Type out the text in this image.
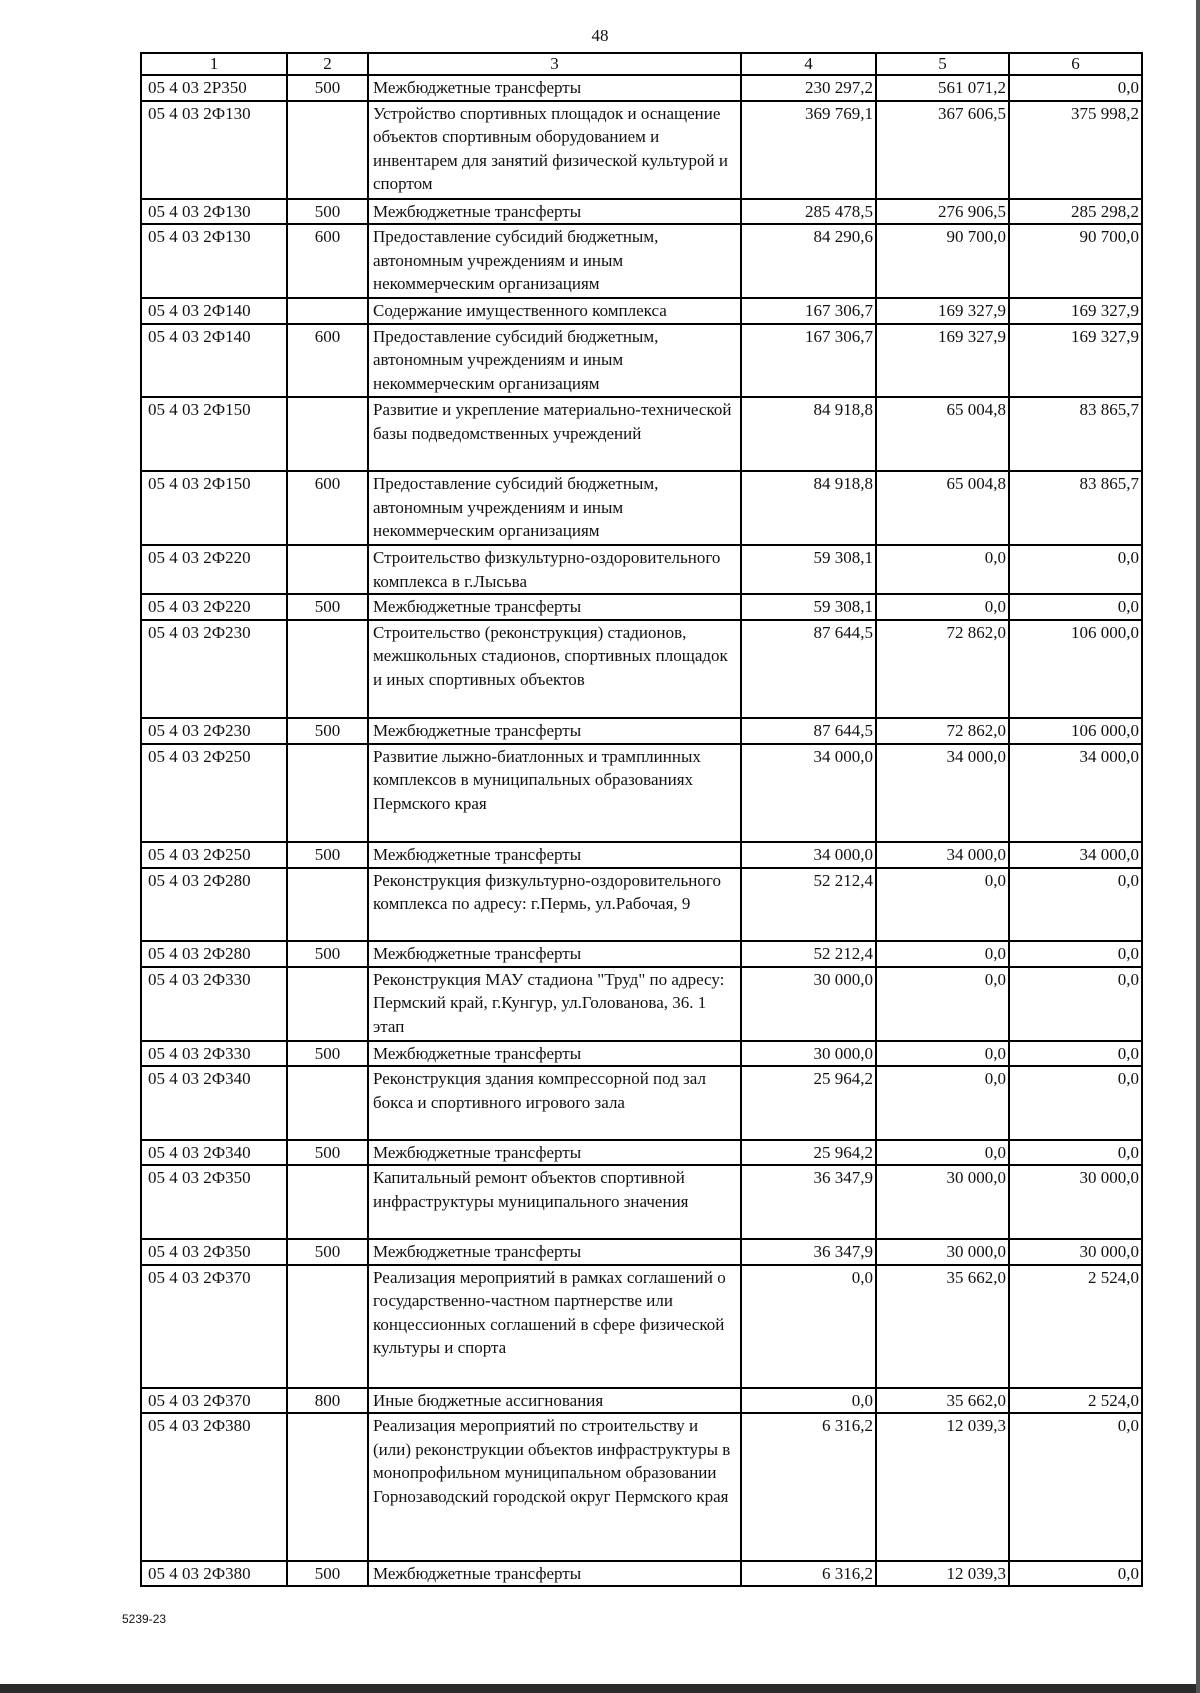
48
1	2	3	4	5	6
05 4 03 2Р350	500	Межбюджетные трансферты	230 297,2	561 071,2	0,0
05 4 03 2Ф130		Устройство спортивных площадок и оснащение объектов спортивным оборудованием и инвентарем для занятий физической культурой и спортом	369 769,1	367 606,5	375 998,2
05 4 03 2Ф130	500	Межбюджетные трансферты	285 478,5	276 906,5	285 298,2
05 4 03 2Ф130	600	Предоставление субсидий бюджетным, автономным учреждениям и иным некоммерческим организациям	84 290,6	90 700,0	90 700,0
05 4 03 2Ф140		Содержание имущественного комплекса	167 306,7	169 327,9	169 327,9
05 4 03 2Ф140	600	Предоставление субсидий бюджетным, автономным учреждениям и иным некоммерческим организациям	167 306,7	169 327,9	169 327,9
05 4 03 2Ф150		Развитие и укрепление материально-технической базы подведомственных учреждений	84 918,8	65 004,8	83 865,7
05 4 03 2Ф150	600	Предоставление субсидий бюджетным, автономным учреждениям и иным некоммерческим организациям	84 918,8	65 004,8	83 865,7
05 4 03 2Ф220		Строительство физкультурно-оздоровительного комплекса в г.Лысьва	59 308,1	0,0	0,0
05 4 03 2Ф220	500	Межбюджетные трансферты	59 308,1	0,0	0,0
05 4 03 2Ф230		Строительство (реконструкция) стадионов, межшкольных стадионов, спортивных площадок и иных спортивных объектов	87 644,5	72 862,0	106 000,0
05 4 03 2Ф230	500	Межбюджетные трансферты	87 644,5	72 862,0	106 000,0
05 4 03 2Ф250		Развитие лыжно-биатлонных и трамплинных комплексов в муниципальных образованиях Пермского края	34 000,0	34 000,0	34 000,0
05 4 03 2Ф250	500	Межбюджетные трансферты	34 000,0	34 000,0	34 000,0
05 4 03 2Ф280		Реконструкция физкультурно-оздоровительного комплекса по адресу: г.Пермь, ул.Рабочая, 9	52 212,4	0,0	0,0
05 4 03 2Ф280	500	Межбюджетные трансферты	52 212,4	0,0	0,0
05 4 03 2Ф330		Реконструкция МАУ стадиона "Труд" по адресу: Пермский край, г.Кунгур, ул.Голованова, 36. 1 этап	30 000,0	0,0	0,0
05 4 03 2Ф330	500	Межбюджетные трансферты	30 000,0	0,0	0,0
05 4 03 2Ф340		Реконструкция здания компрессорной под зал бокса и спортивного игрового зала	25 964,2	0,0	0,0
05 4 03 2Ф340	500	Межбюджетные трансферты	25 964,2	0,0	0,0
05 4 03 2Ф350		Капитальный ремонт объектов спортивной инфраструктуры муниципального значения	36 347,9	30 000,0	30 000,0
05 4 03 2Ф350	500	Межбюджетные трансферты	36 347,9	30 000,0	30 000,0
05 4 03 2Ф370		Реализация мероприятий в рамках соглашений о государственно-частном партнерстве или концессионных соглашений в сфере физической культуры и спорта	0,0	35 662,0	2 524,0
05 4 03 2Ф370	800	Иные бюджетные ассигнования	0,0	35 662,0	2 524,0
05 4 03 2Ф380		Реализация мероприятий по строительству и (или) реконструкции объектов инфраструктуры в монопрофильном муниципальном образовании Горнозаводский городской округ Пермского края	6 316,2	12 039,3	0,0
05 4 03 2Ф380	500	Межбюджетные трансферты	6 316,2	12 039,3	0,0
5239-23
